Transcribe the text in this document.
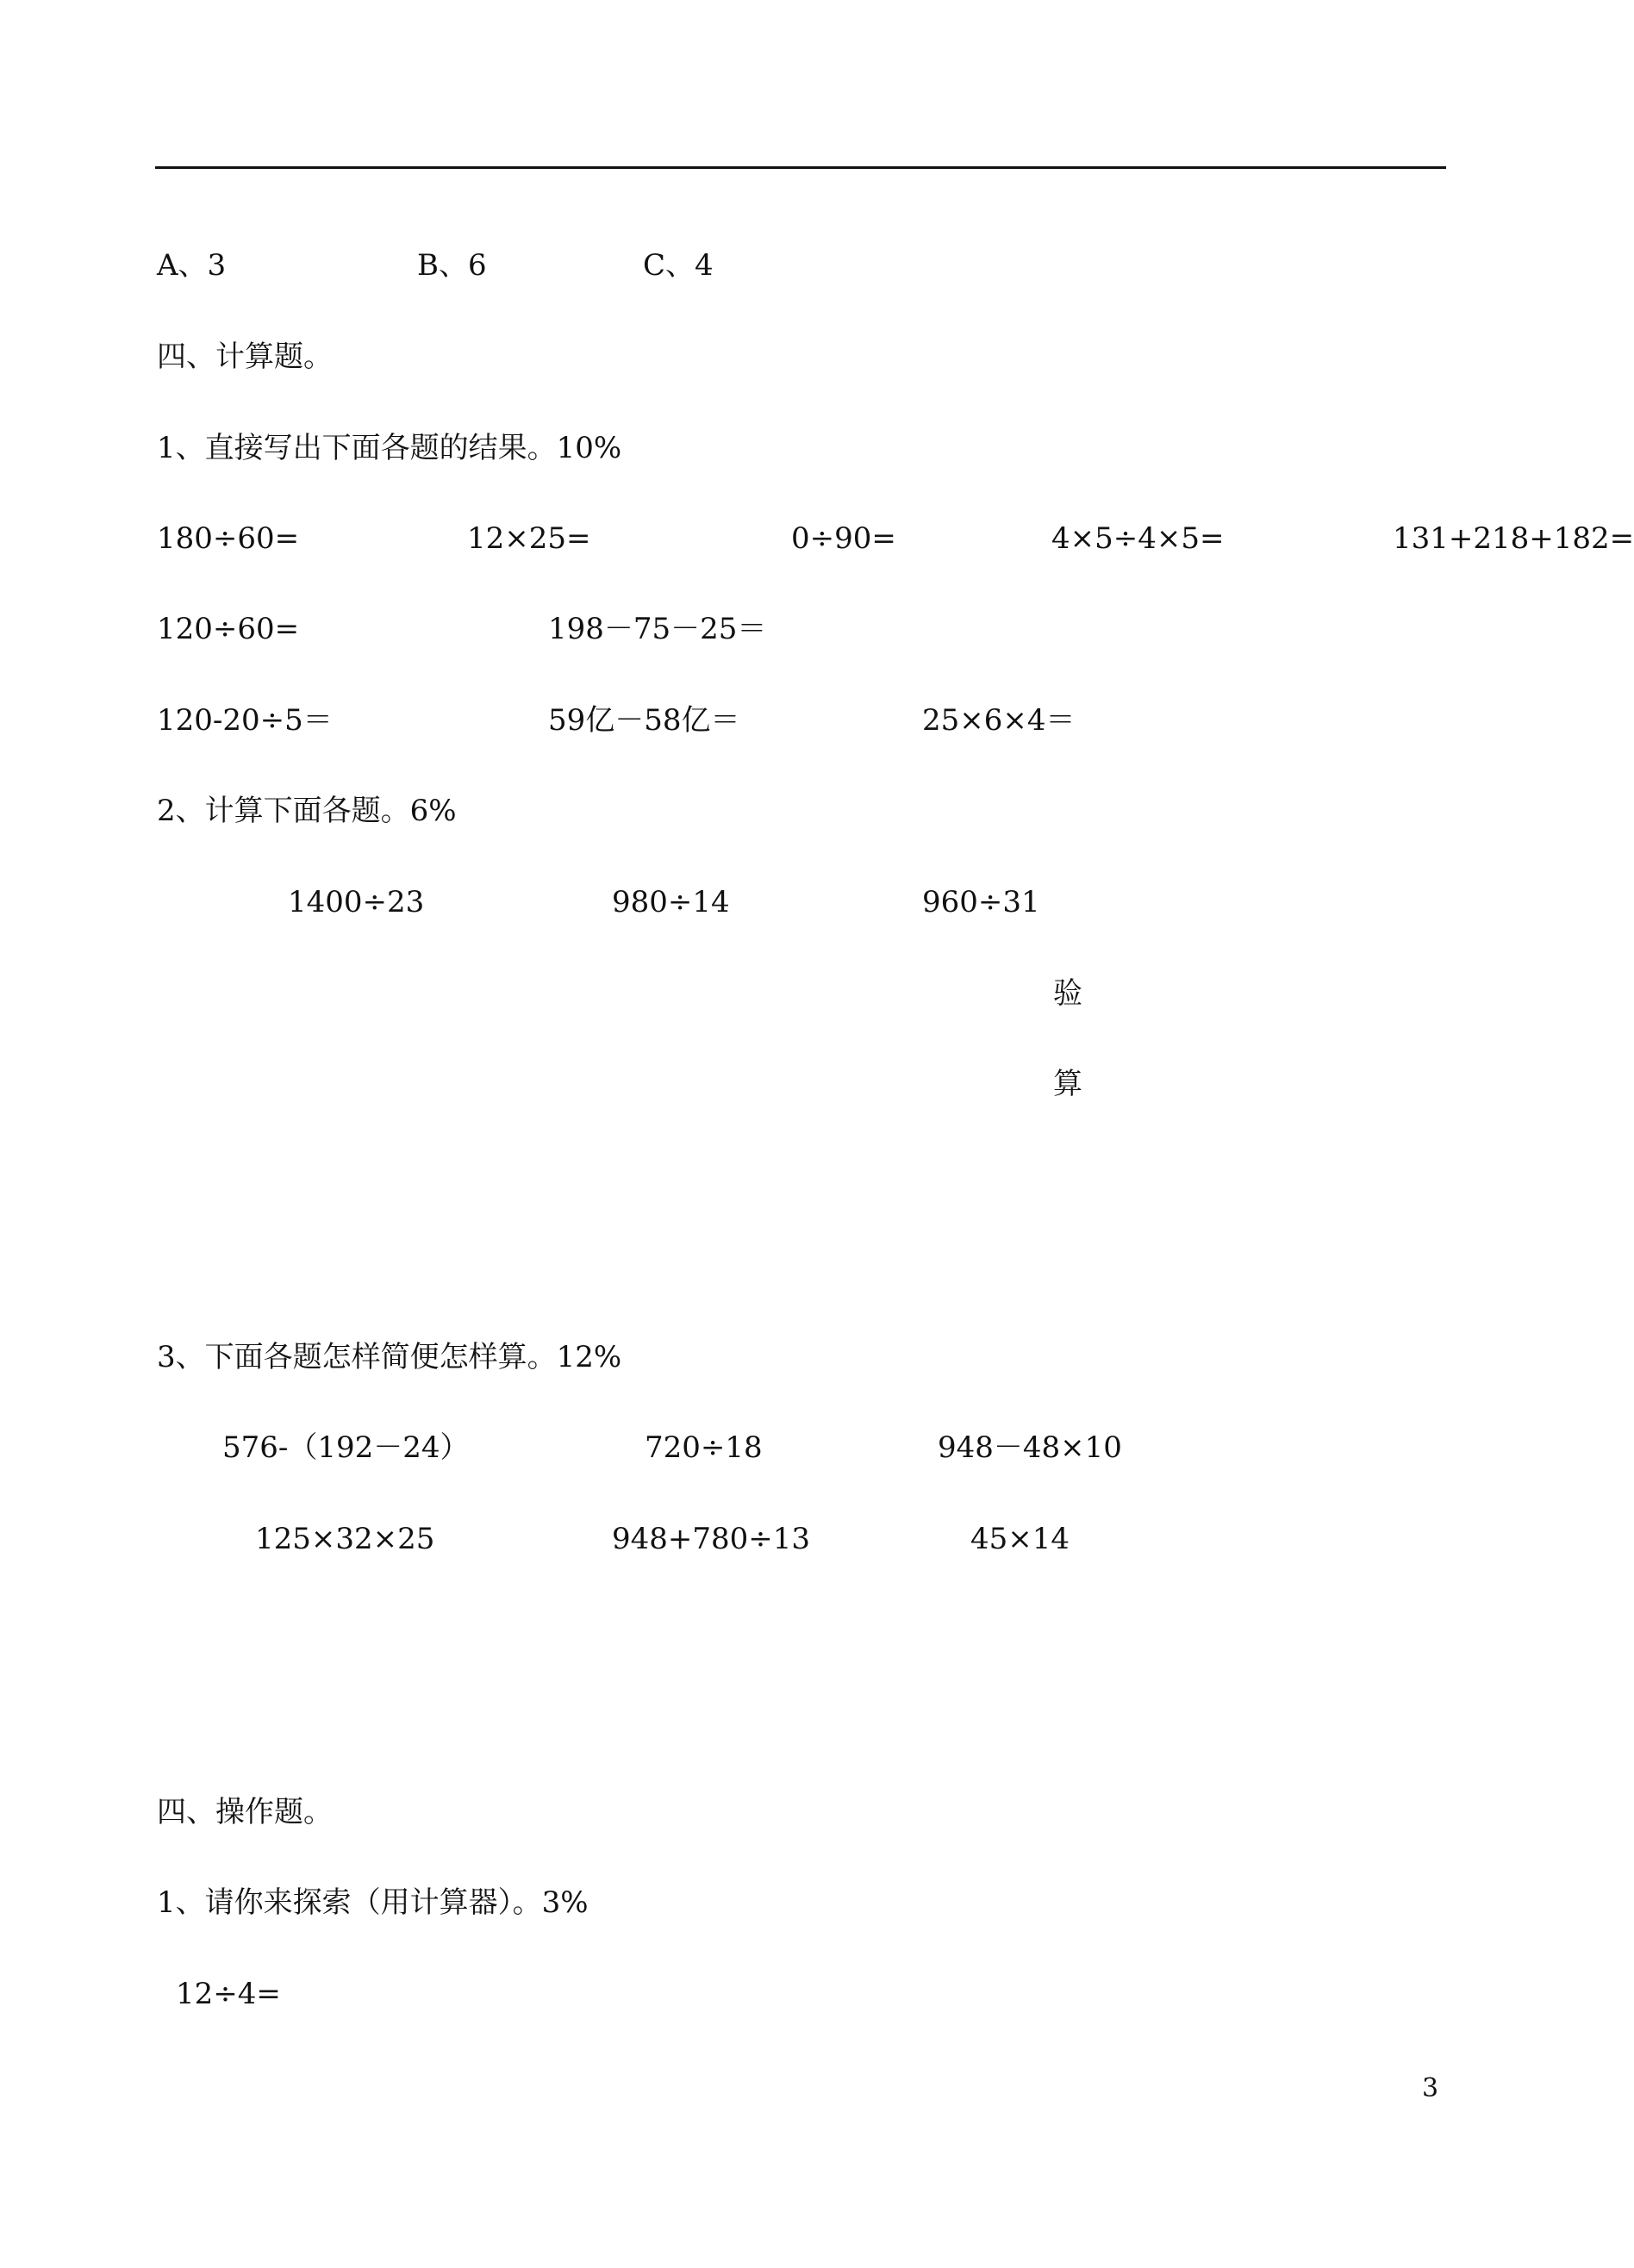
A、3	B、6	C、4
四、计算题。
1、直接写出下面各题的结果。10%
180÷60=	12×25=	0÷90=	4×5÷4×5=	131+218+182=
120÷60=	198－75－25＝
120-20÷5＝	59亿－58亿＝	25×6×4＝
2、计算下面各题。6%
1400÷23	980÷14	960÷31
验
算
3、下面各题怎样简便怎样算。12%
576-（192－24）	720÷18	948－48×10
125×32×25	948+780÷13	45×14
四、操作题。
1、请你来探索（用计算器）。3%
12÷4=
3
